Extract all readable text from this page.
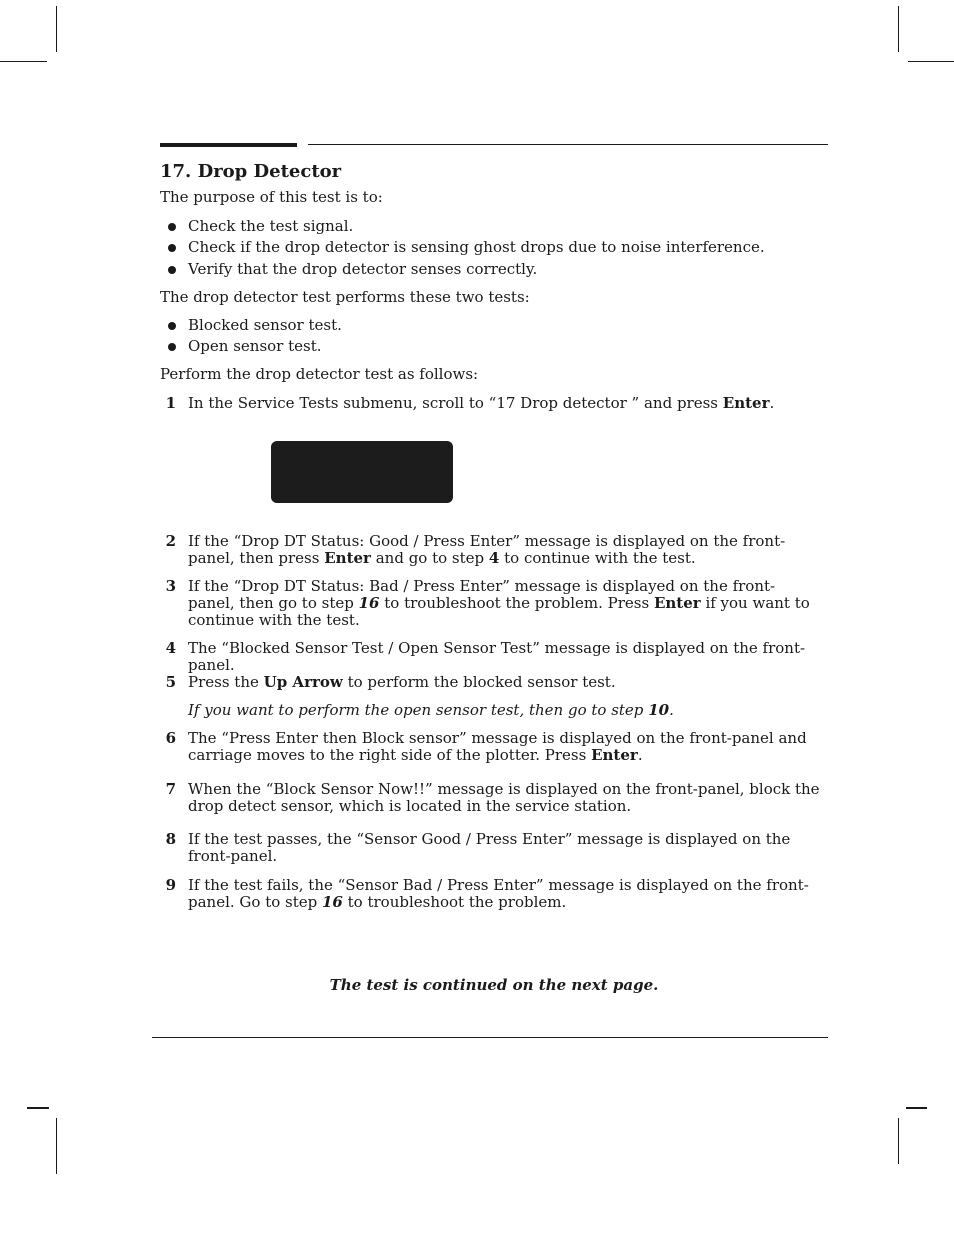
17. Drop Detector

The purpose of this test is to:

Check the test signal.
Check if the drop detector is sensing ghost drops due to noise interference.
Verify that the drop detector senses correctly.

The drop detector test performs these two tests:

Blocked sensor test.
Open sensor test.

Perform the drop detector test as follows:

1 In the Service Tests submenu, scroll to “17 Drop detector ” and press Enter.
2 If the “Drop DT Status: Good / Press Enter” message is displayed on the front-panel, then press Enter and go to step 4 to continue with the test.
3 If the “Drop DT Status: Bad / Press Enter” message is displayed on the front-panel, then go to step 16 to troubleshoot the problem. Press Enter if you want to continue with the test.
4 The “Blocked Sensor Test / Open Sensor Test” message is displayed on the front-panel.
5 Press the Up Arrow to perform the blocked sensor test.
If you want to perform the open sensor test, then go to step 10.
6 The “Press Enter then Block sensor” message is displayed on the front-panel and carriage moves to the right side of the plotter. Press Enter.
7 When the “Block Sensor Now!!” message is displayed on the front-panel, block the drop detect sensor, which is located in the service station.
8 If the test passes, the “Sensor Good / Press Enter” message is displayed on the front-panel.
9 If the test fails, the “Sensor Bad / Press Enter” message is displayed on the front-panel. Go to step 16 to troubleshoot the problem.
The test is continued on the next page.
